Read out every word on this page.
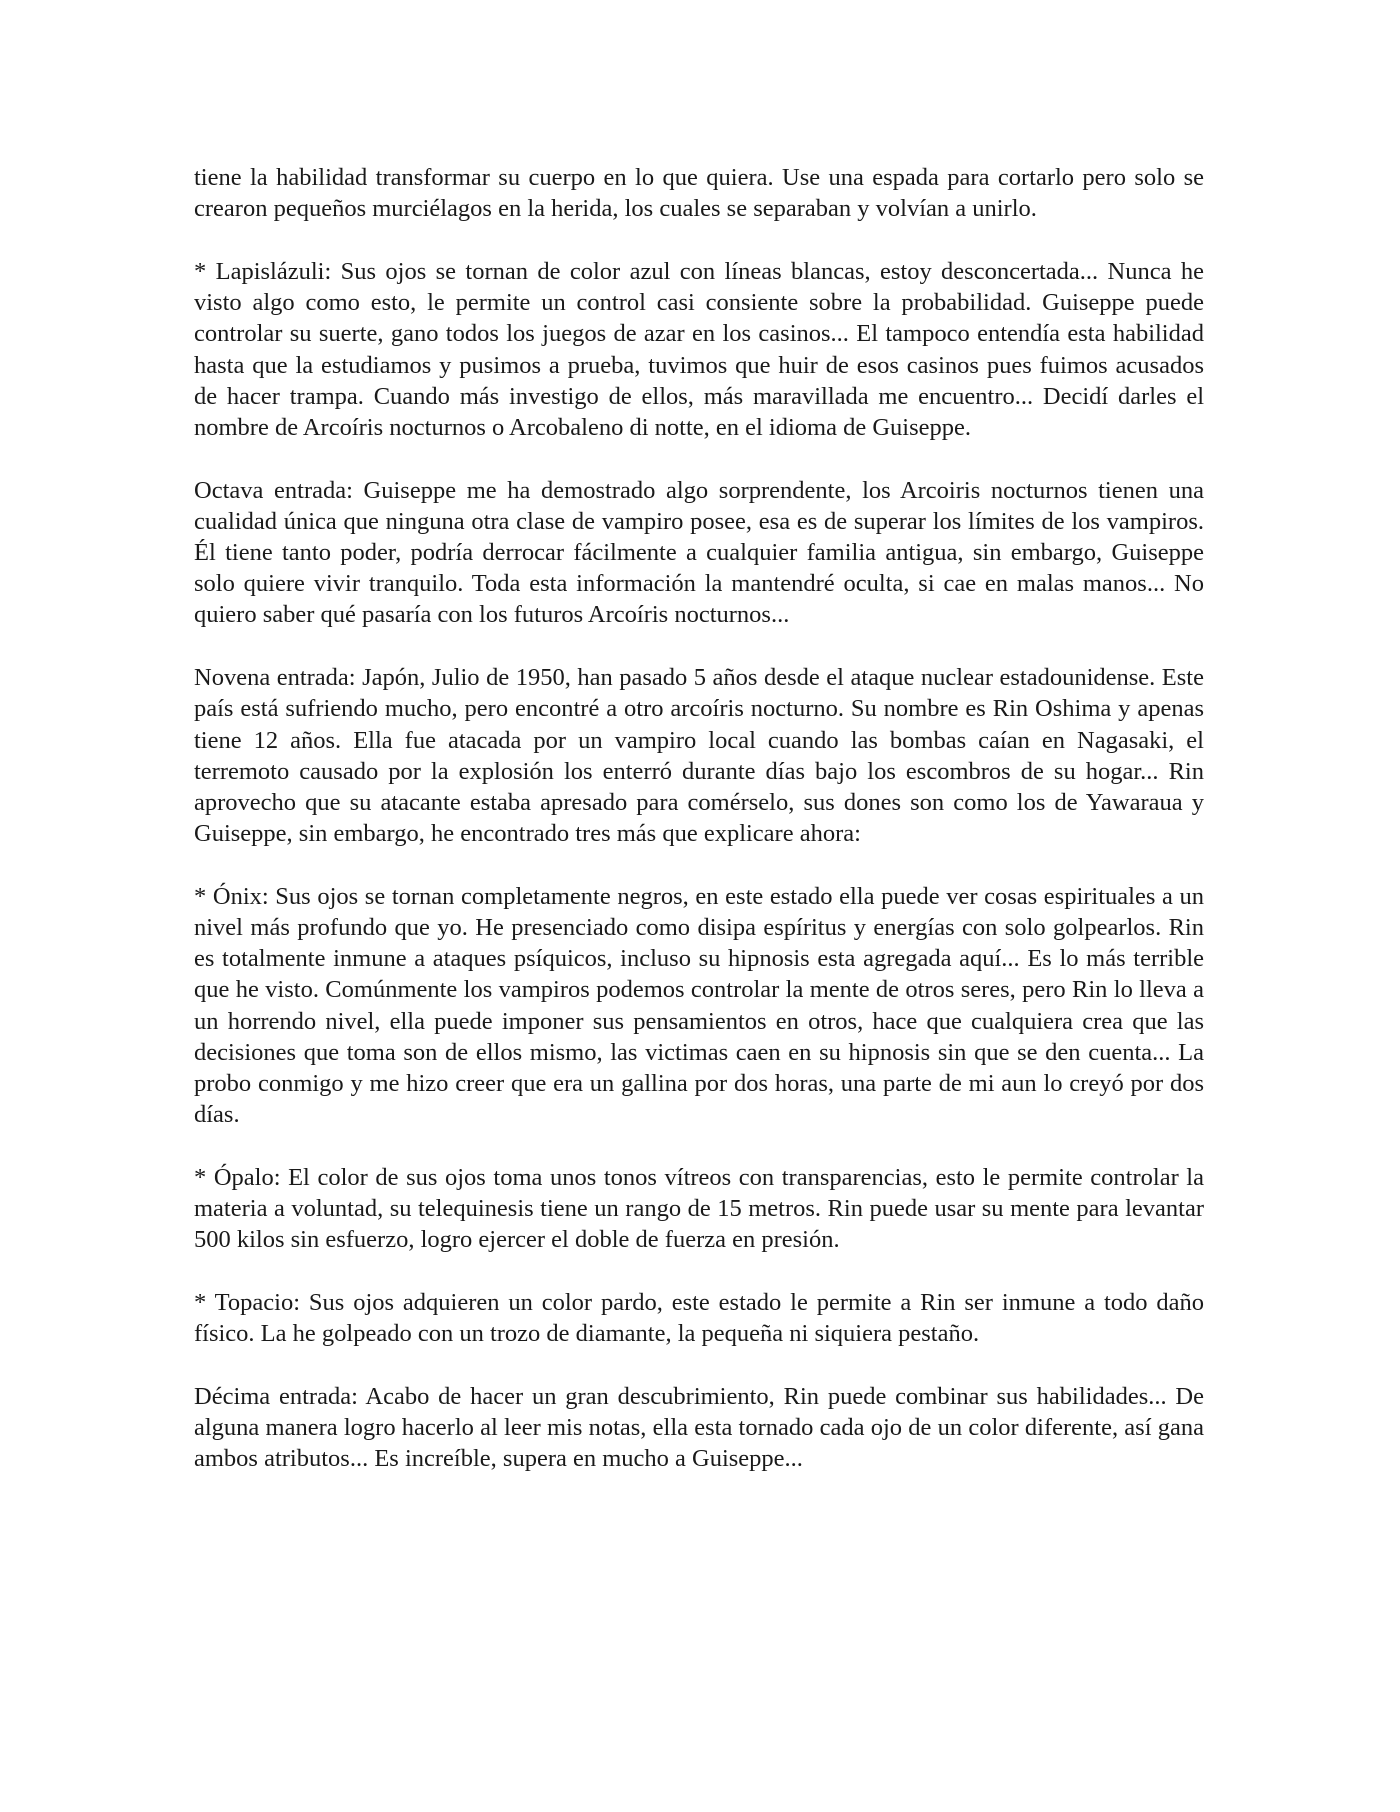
tiene la habilidad transformar su cuerpo en lo que quiera. Use una espada para cortarlo pero solo se crearon pequeños murciélagos en la herida, los cuales se separaban y volvían a unirlo.

* Lapislázuli: Sus ojos se tornan de color azul con líneas blancas, estoy desconcertada... Nunca he visto algo como esto, le permite un control casi consiente sobre la probabilidad. Guiseppe puede controlar su suerte, gano todos los juegos de azar en los casinos... El tampoco entendía esta habilidad hasta que la estudiamos y pusimos a prueba, tuvimos que huir de esos casinos pues fuimos acusados de hacer trampa. Cuando más investigo de ellos, más maravillada me encuentro... Decidí darles el nombre de Arcoíris nocturnos o Arcobaleno di notte, en el idioma de Guiseppe.

Octava entrada: Guiseppe me ha demostrado algo sorprendente, los Arcoiris nocturnos tienen una cualidad única que ninguna otra clase de vampiro posee, esa es de superar los límites de los vampiros. Él tiene tanto poder, podría derrocar fácilmente a cualquier familia antigua, sin embargo, Guiseppe solo quiere vivir tranquilo. Toda esta información la mantendré oculta, si cae en malas manos... No quiero saber qué pasaría con los futuros Arcoíris nocturnos...

Novena entrada: Japón, Julio de 1950, han pasado 5 años desde el ataque nuclear estadounidense. Este país está sufriendo mucho, pero encontré a otro arcoíris nocturno. Su nombre es Rin Oshima y apenas tiene 12 años. Ella fue atacada por un vampiro local cuando las bombas caían en Nagasaki, el terremoto causado por la explosión los enterró durante días bajo los escombros de su hogar... Rin aprovecho que su atacante estaba apresado para comérselo, sus dones son como los de Yawaraua y Guiseppe, sin embargo, he encontrado tres más que explicare ahora:

* Ónix: Sus ojos se tornan completamente negros, en este estado ella puede ver cosas espirituales a un nivel más profundo que yo. He presenciado como disipa espíritus y energías con solo golpearlos. Rin es totalmente inmune a ataques psíquicos, incluso su hipnosis esta agregada aquí... Es lo más terrible que he visto. Comúnmente los vampiros podemos controlar la mente de otros seres, pero Rin lo lleva a un horrendo nivel, ella puede imponer sus pensamientos en otros, hace que cualquiera crea que las decisiones que toma son de ellos mismo, las victimas caen en su hipnosis sin que se den cuenta... La probo conmigo y me hizo creer que era un gallina por dos horas, una parte de mi aun lo creyó por dos días.

* Ópalo: El color de sus ojos toma unos tonos vítreos con transparencias, esto le permite controlar la materia a voluntad, su telequinesis tiene un rango de 15 metros. Rin puede usar su mente para levantar 500 kilos sin esfuerzo, logro ejercer el doble de fuerza en presión.

* Topacio: Sus ojos adquieren un color pardo, este estado le permite a Rin ser inmune a todo daño físico. La he golpeado con un trozo de diamante, la pequeña ni siquiera pestaño.

Décima entrada: Acabo de hacer un gran descubrimiento, Rin puede combinar sus habilidades... De alguna manera logro hacerlo al leer mis notas, ella esta tornado cada ojo de un color diferente, así gana ambos atributos... Es increíble, supera en mucho a Guiseppe...
